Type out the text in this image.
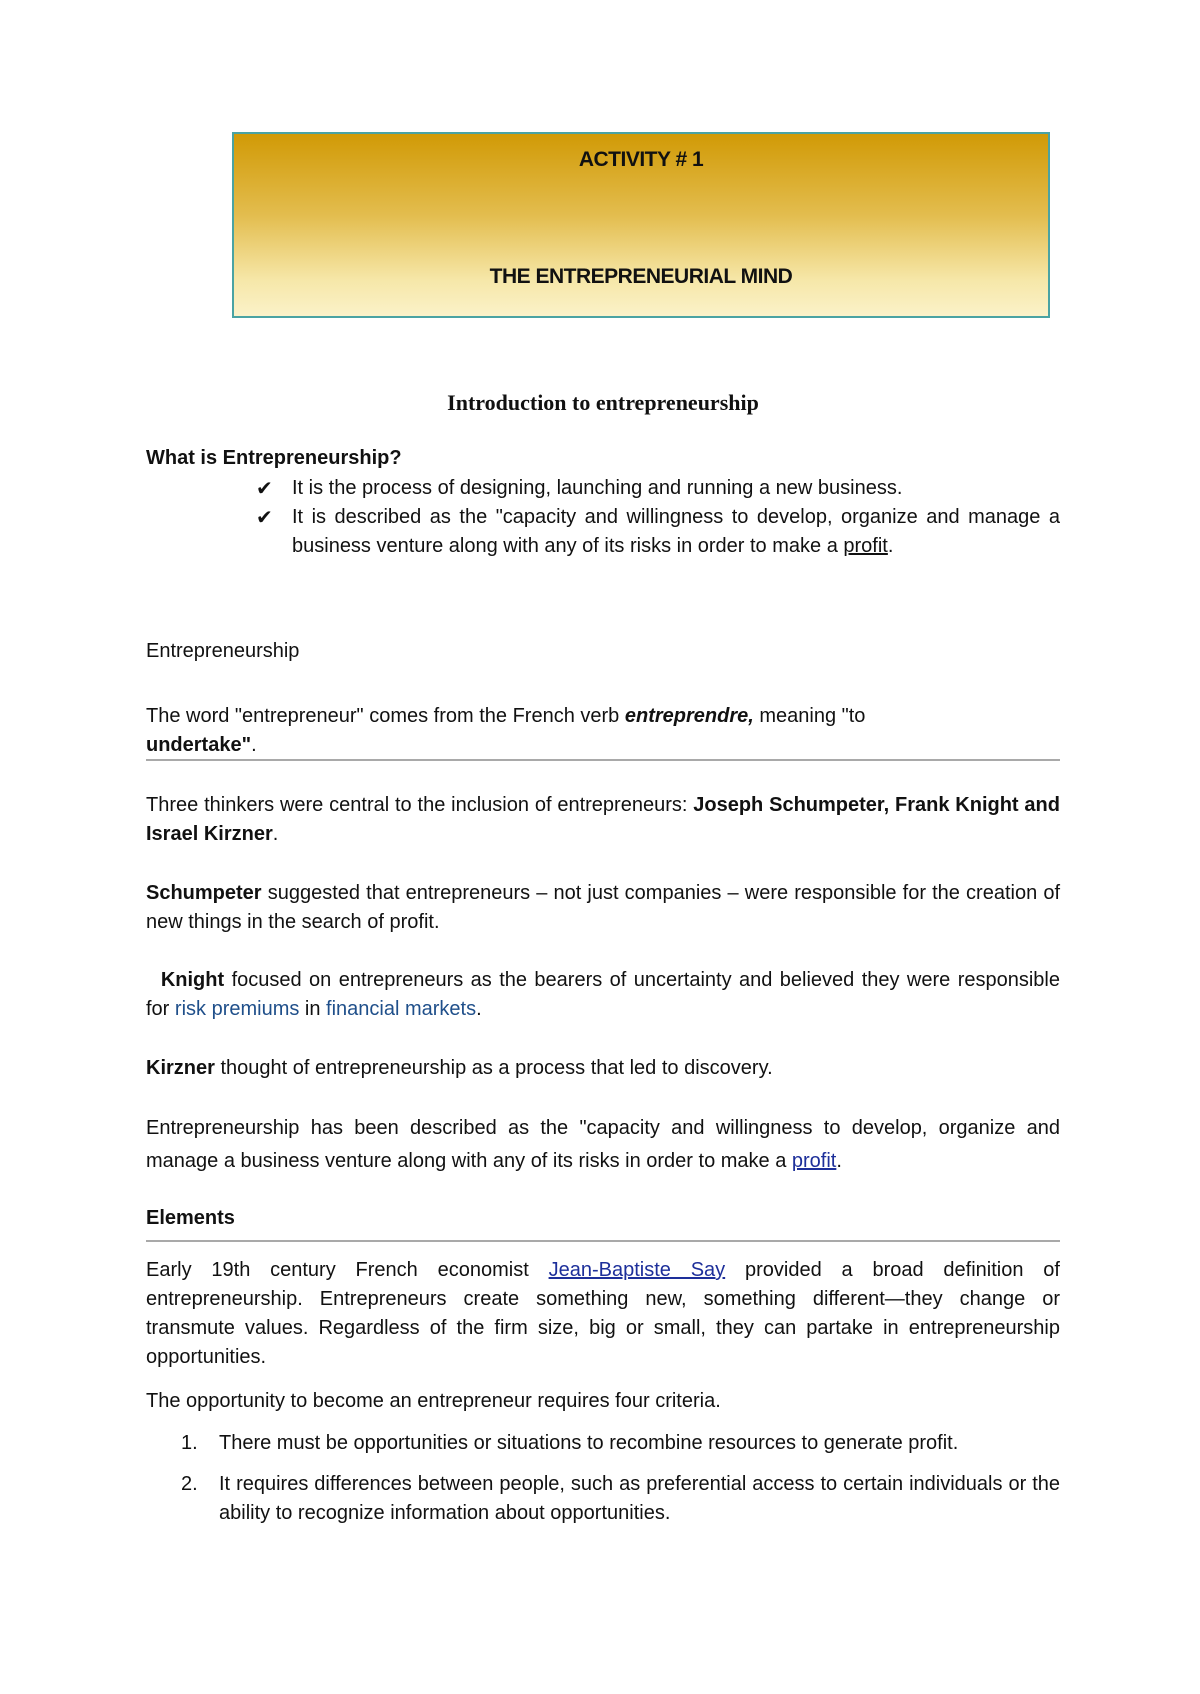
ACTIVITY # 1
THE ENTREPRENEURIAL MIND
Introduction to entrepreneurship
What is Entrepreneurship?
Entrepreneurship
The word "entrepreneur" comes from the French verb entreprendre, meaning "to
undertake".
Three thinkers were central to the inclusion of entrepreneurs: Joseph Schumpeter, Frank Knight and Israel Kirzner.
Schumpeter suggested that entrepreneurs – not just companies – were responsible for the creation of new things in the search of profit.
Knight focused on entrepreneurs as the bearers of uncertainty and believed they were responsible for risk premiums in financial markets.
Kirzner thought of entrepreneurship as a process that led to discovery.
Entrepreneurship has been described as the "capacity and willingness to develop, organize and manage a business venture along with any of its risks in order to make a profit.
Elements
Early 19th century French economist Jean-Baptiste Say provided a broad definition of entrepreneurship. Entrepreneurs create something new, something different—they change or transmute values. Regardless of the firm size, big or small, they can partake in entrepreneurship opportunities.
The opportunity to become an entrepreneur requires four criteria.
✔ It is the process of designing, launching and running a new business.
✔ It is described as the "capacity and willingness to develop, organize and manage a business venture along with any of its risks in order to make a profit.
1.	There must be opportunities or situations to recombine resources to generate profit.
2.	It requires differences between people, such as preferential access to certain individuals or the ability to recognize information about opportunities.
